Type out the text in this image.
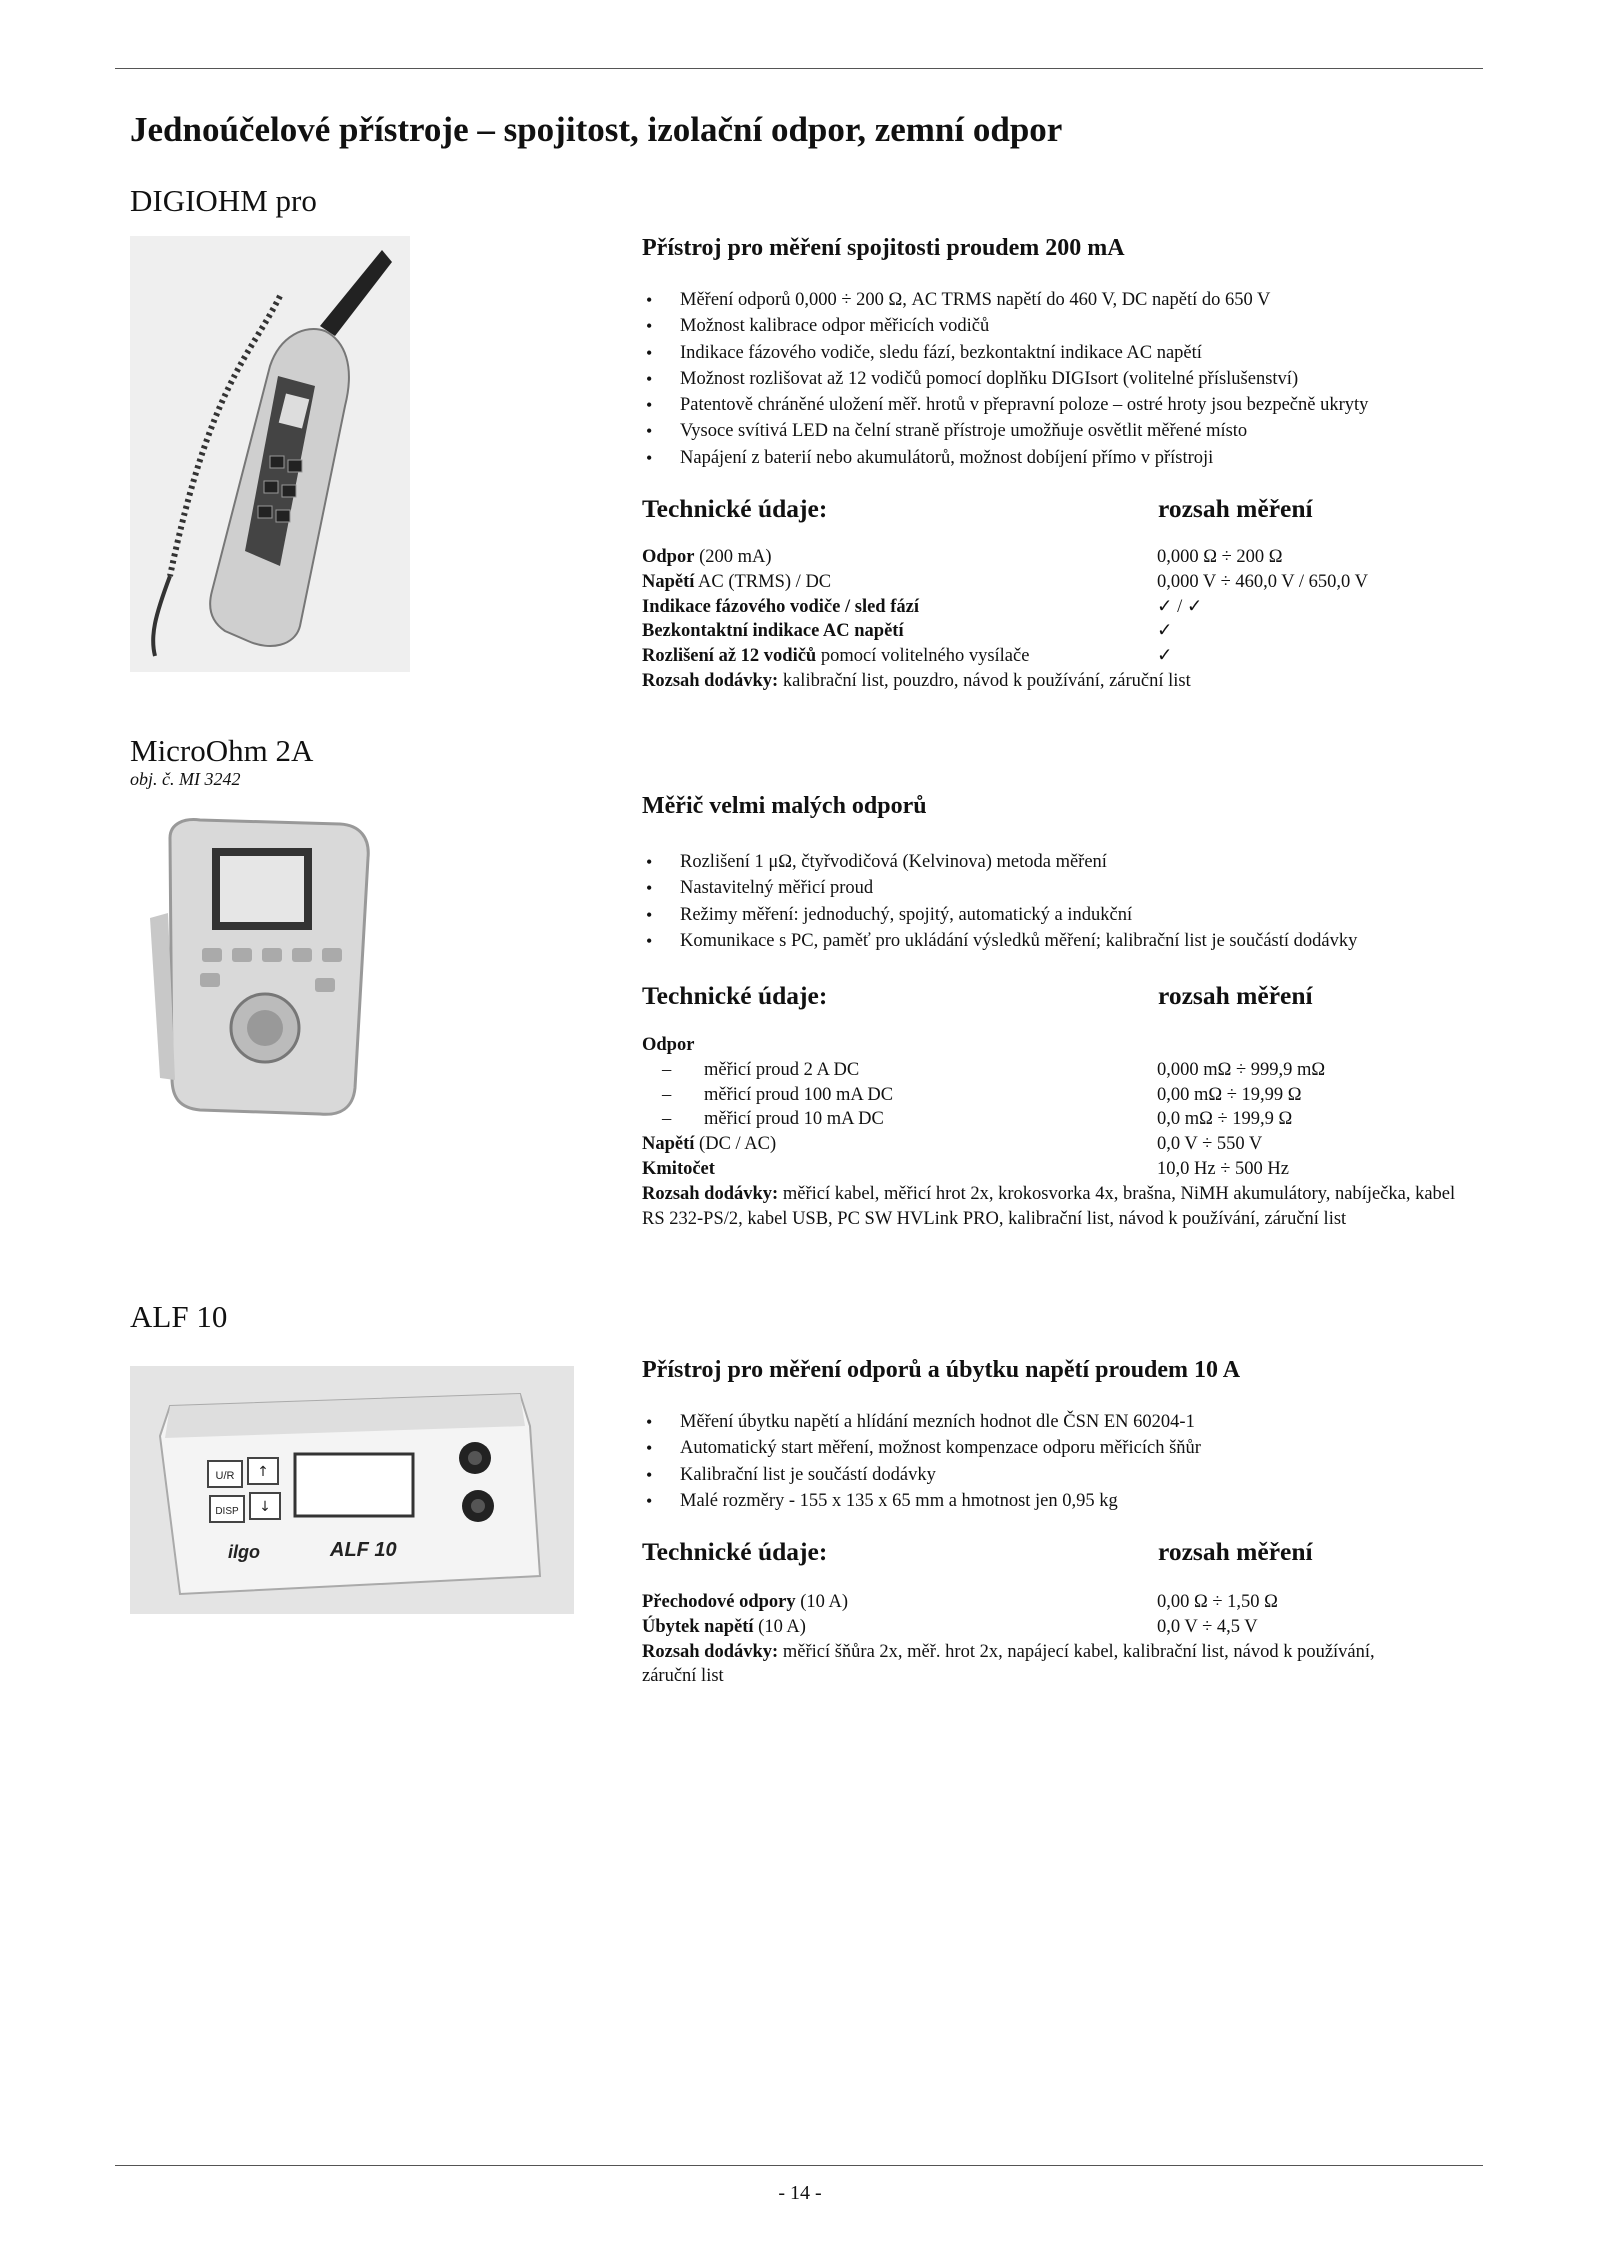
Jednoúčelové přístroje – spojitost, izolační odpor, zemní odpor
DIGIOHM pro
Přístroj pro měření spojitosti proudem 200 mA
• Měření odporů 0,000 ÷ 200 Ω, AC TRMS napětí do 460 V, DC napětí do 650 V
• Možnost kalibrace odpor měřicích vodičů
• Indikace fázového vodiče, sledu fází, bezkontaktní indikace AC napětí
• Možnost rozlišovat až 12 vodičů pomocí doplňku DIGIsort (volitelné příslušenství)
• Patentově chráněné uložení měř. hrotů v přepravní poloze – ostré hroty jsou bezpečně ukryty
• Vysoce svítivá LED na čelní straně přístroje umožňuje osvětlit měřené místo
• Napájení z baterií nebo akumulátorů, možnost dobíjení přímo v přístroji
Technické údaje:	rozsah měření
Odpor (200 mA)	0,000 Ω ÷ 200 Ω
Napětí AC (TRMS) / DC	0,000 V ÷ 460,0 V / 650,0 V
Indikace fázového vodiče / sled fází	✓ / ✓
Bezkontaktní indikace AC napětí	✓
Rozlišení až 12 vodičů pomocí volitelného vysílače	✓
Rozsah dodávky: kalibrační list, pouzdro, návod k používání, záruční list
MicroOhm 2A
obj. č. MI 3242
Měřič velmi malých odporů
• Rozlišení 1 μΩ, čtyřvodičová (Kelvinova) metoda měření
• Nastavitelný měřicí proud
• Režimy měření: jednoduchý, spojitý, automatický a indukční
• Komunikace s PC, paměť pro ukládání výsledků měření; kalibrační list je součástí dodávky
Technické údaje:	rozsah měření
Odpor
– měřicí proud 2 A DC	0,000 mΩ ÷ 999,9 mΩ
– měřicí proud 100 mA DC	0,00 mΩ ÷ 19,99 Ω
– měřicí proud 10 mA DC	0,0 mΩ ÷ 199,9 Ω
Napětí (DC / AC)	0,0 V ÷ 550 V
Kmitočet	10,0 Hz ÷ 500 Hz
Rozsah dodávky: měřicí kabel, měřicí hrot 2x, krokosvorka 4x, brašna, NiMH akumulátory, nabíječka, kabel RS 232-PS/2, kabel USB, PC SW HVLink PRO, kalibrační list, návod k používání, záruční list
ALF 10
U/R ↑
DISP ↓
ilgo	ALF 10
Přístroj pro měření odporů a úbytku napětí proudem 10 A
• Měření úbytku napětí a hlídání mezních hodnot dle ČSN EN 60204-1
• Automatický start měření, možnost kompenzace odporu měřicích šňůr
• Kalibrační list je součástí dodávky
• Malé rozměry - 155 x 135 x 65 mm a hmotnost jen 0,95 kg
Technické údaje:	rozsah měření
Přechodové odpory (10 A)	0,00 Ω ÷ 1,50 Ω
Úbytek napětí (10 A)	0,0 V ÷ 4,5 V
Rozsah dodávky: měřicí šňůra 2x, měř. hrot 2x, napájecí kabel, kalibrační list, návod k používání, záruční list
- 14 -
